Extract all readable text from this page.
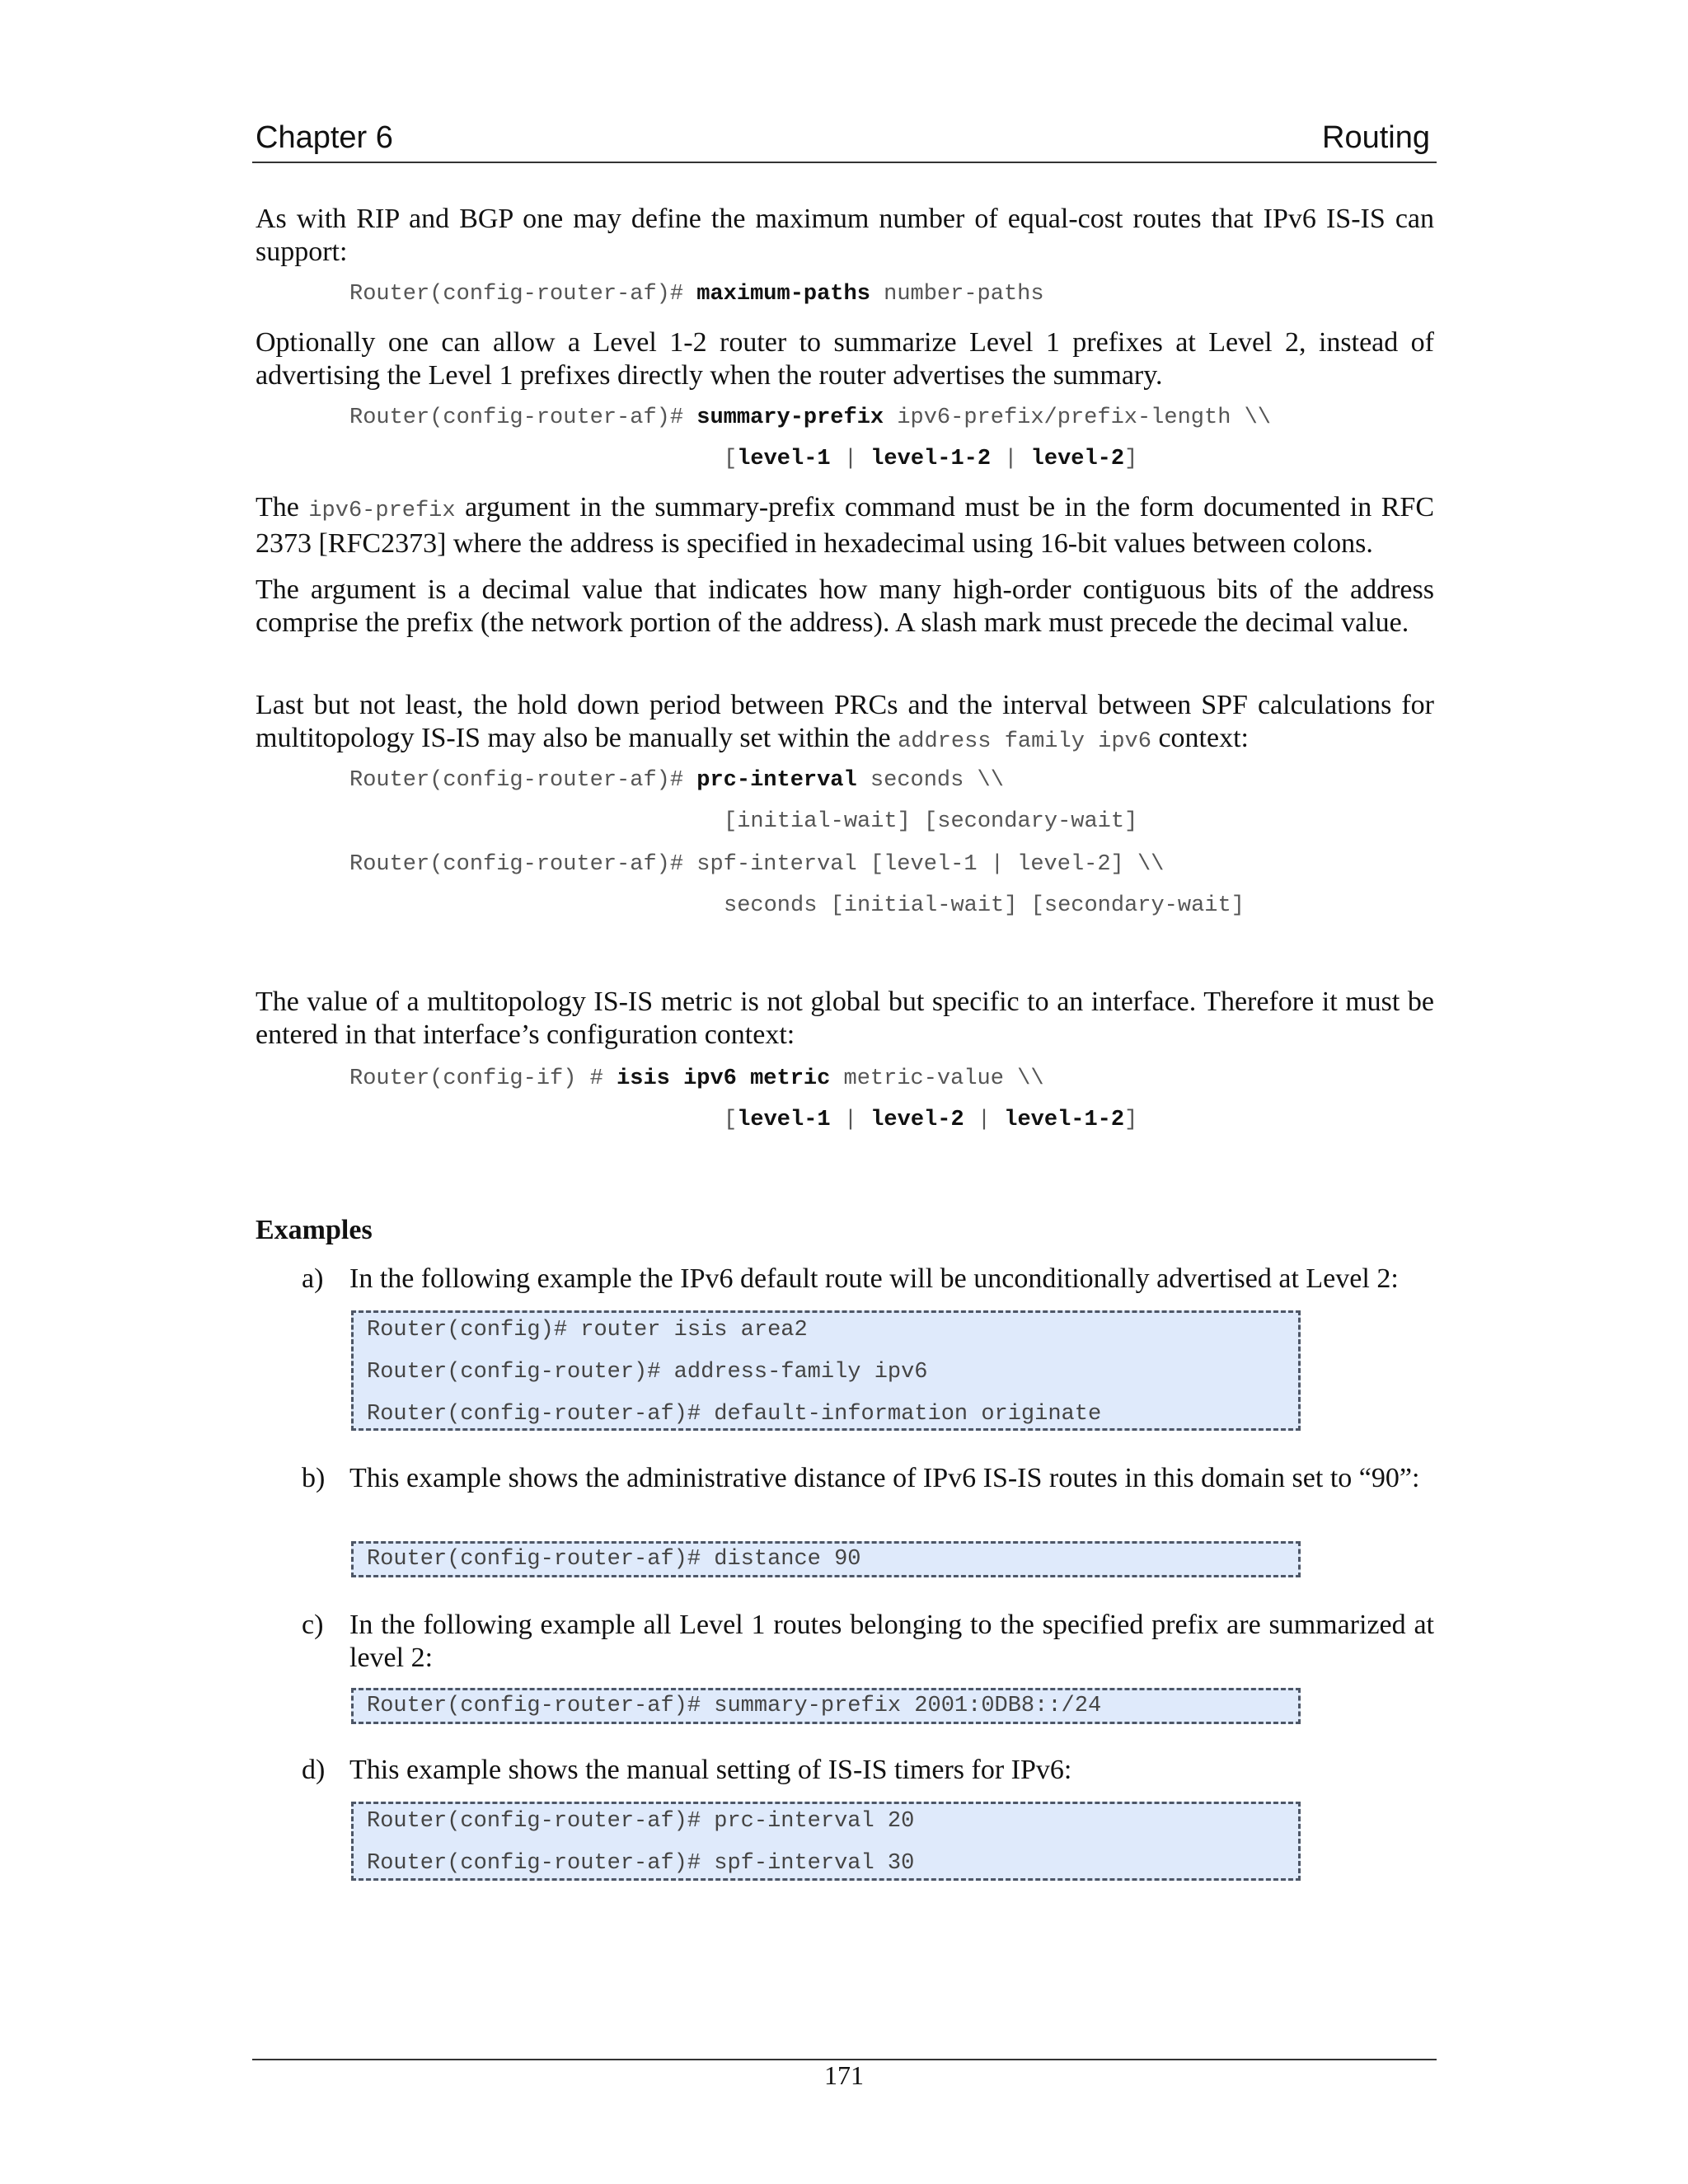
Chapter 6	Routing

As with RIP and BGP one may define the maximum number of equal-cost routes that IPv6 IS-IS can support:

Router(config-router-af)# maximum-paths number-paths

Optionally one can allow a Level 1-2 router to summarize Level 1 prefixes at Level 2, instead of advertising the Level 1 prefixes directly when the router advertises the summary.

Router(config-router-af)# summary-prefix ipv6-prefix/prefix-length \\
[level-1 | level-1-2 | level-2]

The ipv6-prefix argument in the summary-prefix command must be in the form documented in RFC 2373 [RFC2373] where the address is specified in hexadecimal using 16-bit values between colons.

The argument is a decimal value that indicates how many high-order contiguous bits of the address comprise the prefix (the network portion of the address). A slash mark must precede the decimal value.

Last but not least, the hold down period between PRCs and the interval between SPF calculations for multitopology IS-IS may also be manually set within the address family ipv6 context:

Router(config-router-af)# prc-interval seconds \\
[initial-wait] [secondary-wait]
Router(config-router-af)# spf-interval [level-1 | level-2] \\
seconds [initial-wait] [secondary-wait]

The value of a multitopology IS-IS metric is not global but specific to an interface. Therefore it must be entered in that interface’s configuration context:

Router(config-if) # isis ipv6 metric metric-value \\
[level-1 | level-2 | level-1-2]
Examples
a) In the following example the IPv6 default route will be unconditionally advertised at Level 2:
Router(config)# router isis area2
Router(config-router)# address-family ipv6
Router(config-router-af)# default-information originate
b) This example shows the administrative distance of IPv6 IS-IS routes in this domain set to “90”:
Router(config-router-af)# distance 90
c) In the following example all Level 1 routes belonging to the specified prefix are summarized at level 2:
Router(config-router-af)# summary-prefix 2001:0DB8::/24
d) This example shows the manual setting of IS-IS timers for IPv6:
Router(config-router-af)# prc-interval 20
Router(config-router-af)# spf-interval 30
171
